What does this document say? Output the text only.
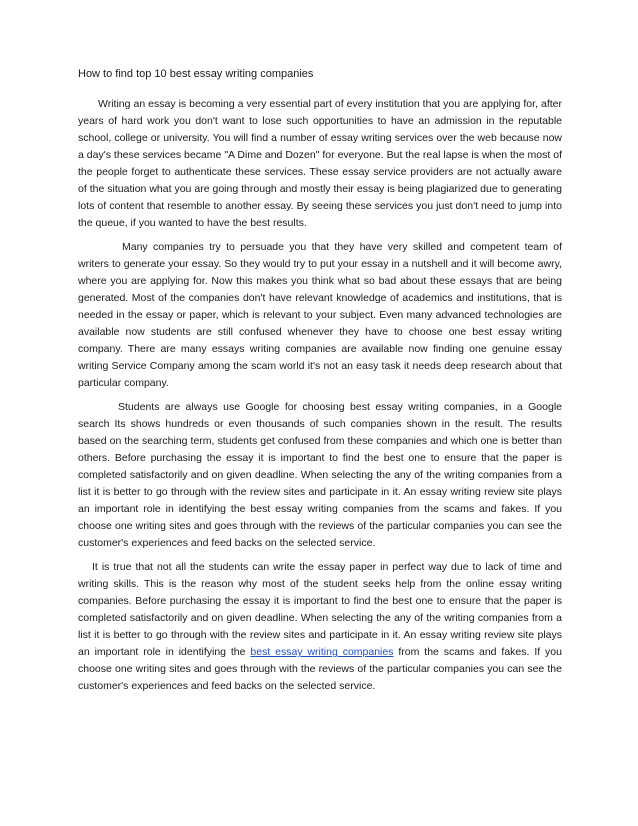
How to find top 10 best essay writing companies

Writing an essay is becoming a very essential part of every institution that you are applying for, after years of hard work you don't want to lose such opportunities to have an admission in the reputable school, college or university. You will find a number of essay writing services over the web because now a day's these services became "A Dime and Dozen" for everyone. But the real lapse is when the most of the people forget to authenticate these services. These essay service providers are not actually aware of the situation what you are going through and mostly their essay is being plagiarized due to generating lots of content that resemble to another essay. By seeing these services you just don't need to jump into the queue, if you wanted to have the best results.

Many companies try to persuade you that they have very skilled and competent team of writers to generate your essay. So they would try to put your essay in a nutshell and it will become awry, where you are applying for. Now this makes you think what so bad about these essays that are being generated. Most of the companies don't have relevant knowledge of academics and institutions, that is needed in the essay or paper, which is relevant to your subject. Even many advanced technologies are available now students are still confused whenever they have to choose one best essay writing company. There are many essays writing companies are available now finding one genuine essay writing Service Company among the scam world it's not an easy task it needs deep research about that particular company.

Students are always use Google for choosing best essay writing companies, in a Google search Its shows hundreds or even thousands of such companies shown in the result. The results based on the searching term, students get confused from these companies and which one is better than others. Before purchasing the essay it is important to find the best one to ensure that the paper is completed satisfactorily and on given deadline. When selecting the any of the writing companies from a list it is better to go through with the review sites and participate in it. An essay writing review site plays an important role in identifying the best essay writing companies from the scams and fakes. If you choose one writing sites and goes through with the reviews of the particular companies you can see the customer's experiences and feed backs on the selected service.

It is true that not all the students can write the essay paper in perfect way due to lack of time and writing skills. This is the reason why most of the student seeks help from the online essay writing companies. Before purchasing the essay it is important to find the best one to ensure that the paper is completed satisfactorily and on given deadline. When selecting the any of the writing companies from a list it is better to go through with the review sites and participate in it. An essay writing review site plays an important role in identifying the best essay writing companies from the scams and fakes. If you choose one writing sites and goes through with the reviews of the particular companies you can see the customer's experiences and feed backs on the selected service.
